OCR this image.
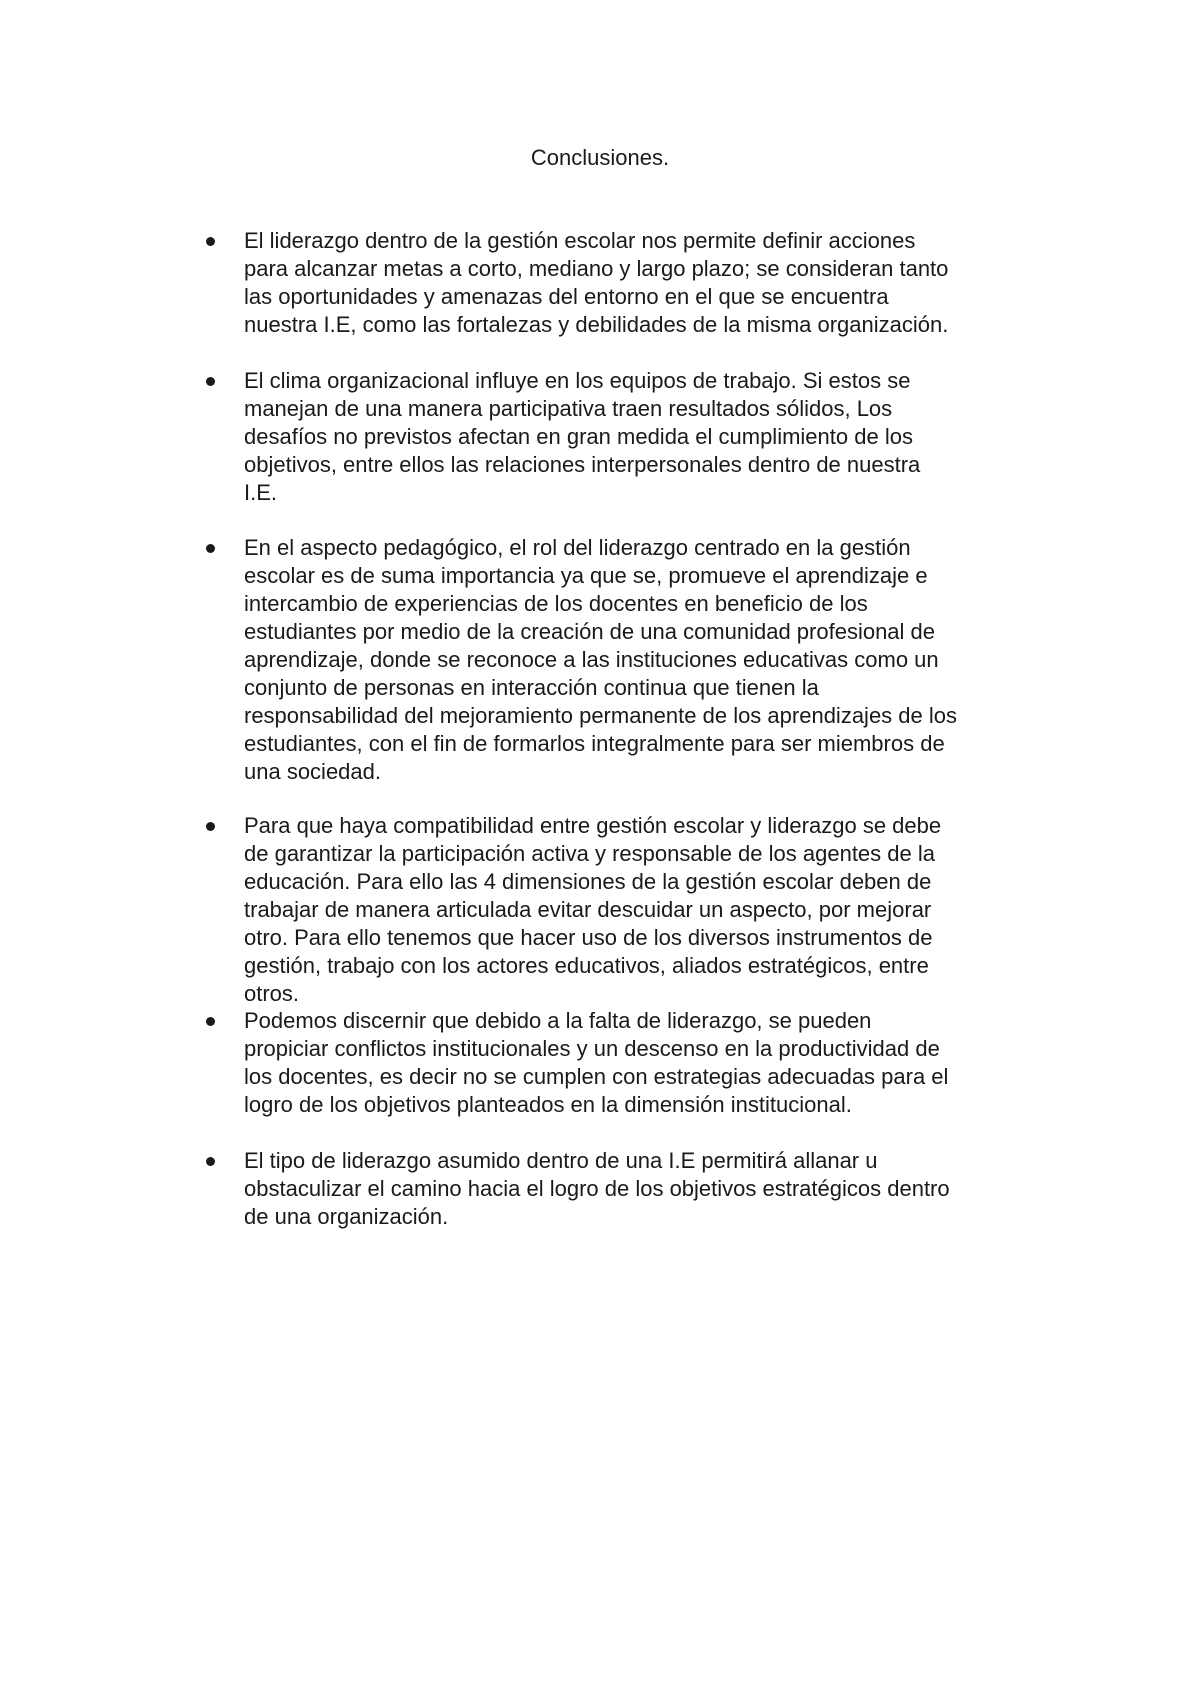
Conclusiones.

El liderazgo dentro de la gestión escolar nos permite definir acciones
para alcanzar metas a corto, mediano y largo plazo; se consideran tanto
las oportunidades y amenazas del entorno en el que se encuentra
nuestra I.E, como las fortalezas y debilidades de la misma organización.

El clima organizacional influye en los equipos de trabajo. Si estos se
manejan de una manera participativa traen resultados sólidos, Los
desafíos no previstos afectan en gran medida el cumplimiento de los
objetivos, entre ellos las relaciones interpersonales dentro de nuestra
I.E.

En el aspecto pedagógico, el rol del liderazgo centrado en la gestión
escolar es de suma importancia ya que se, promueve el aprendizaje e
intercambio de experiencias de los docentes en beneficio de los
estudiantes por medio de la creación de una comunidad profesional de
aprendizaje, donde se reconoce a las instituciones educativas como un
conjunto de personas en interacción continua que tienen la
responsabilidad del mejoramiento permanente de los aprendizajes de los
estudiantes, con el fin de formarlos integralmente para ser miembros de
una sociedad.

Para que haya compatibilidad entre gestión escolar y liderazgo se debe
de garantizar la participación activa y responsable de los agentes de la
educación. Para ello las 4 dimensiones de la gestión escolar deben de
trabajar de manera articulada evitar descuidar un aspecto, por mejorar
otro. Para ello tenemos que hacer uso de los diversos instrumentos de
gestión, trabajo con los actores educativos, aliados estratégicos, entre
otros.

Podemos discernir que debido a la falta de liderazgo, se pueden
propiciar conflictos institucionales y un descenso en la productividad de
los docentes, es decir no se cumplen con estrategias adecuadas para el
logro de los objetivos planteados en la dimensión institucional.

El tipo de liderazgo asumido dentro de una I.E permitirá allanar u
obstaculizar el camino hacia el logro de los objetivos estratégicos dentro
de una organización.
